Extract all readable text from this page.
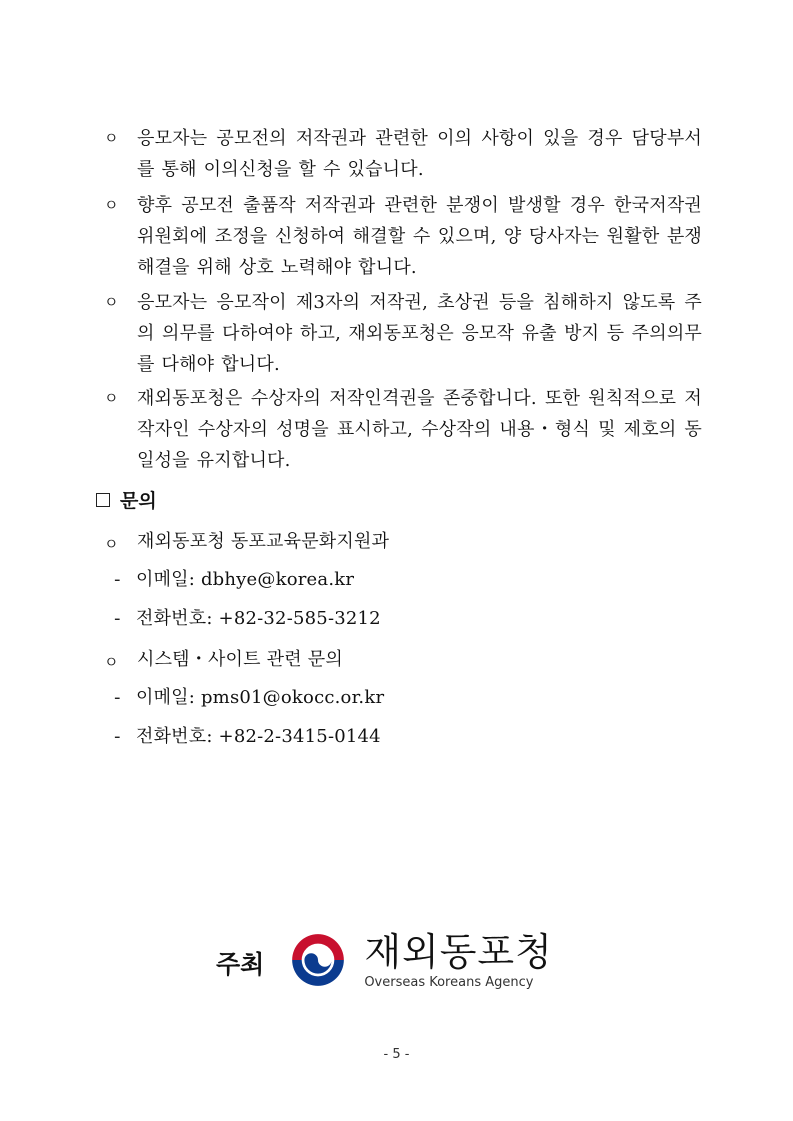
ㅇ 응모자는 공모전의 저작권과 관련한 이의 사항이 있을 경우 담당부서를 통해 이의신청을 할 수 있습니다.
ㅇ 향후 공모전 출품작 저작권과 관련한 분쟁이 발생할 경우 한국저작권위원회에 조정을 신청하여 해결할 수 있으며, 양 당사자는 원활한 분쟁 해결을 위해 상호 노력해야 합니다.
ㅇ 응모자는 응모작이 제3자의 저작권, 초상권 등을 침해하지 않도록 주의 의무를 다하여야 하고, 재외동포청은 응모작 유출 방지 등 주의의무를 다해야 합니다.
ㅇ 재외동포청은 수상자의 저작인격권을 존중합니다. 또한 원칙적으로 저작자인 수상자의 성명을 표시하고, 수상작의 내용・형식 및 제호의 동일성을 유지합니다.
문의
ㅇ 재외동포청 동포교육문화지원과
- 이메일: dbhye@korea.kr
- 전화번호: +82-32-585-3212
ㅇ 시스템・사이트 관련 문의
- 이메일: pms01@okocc.or.kr
- 전화번호: +82-2-3415-0144
주최	재외동포청
Overseas Koreans Agency
- 5 -
